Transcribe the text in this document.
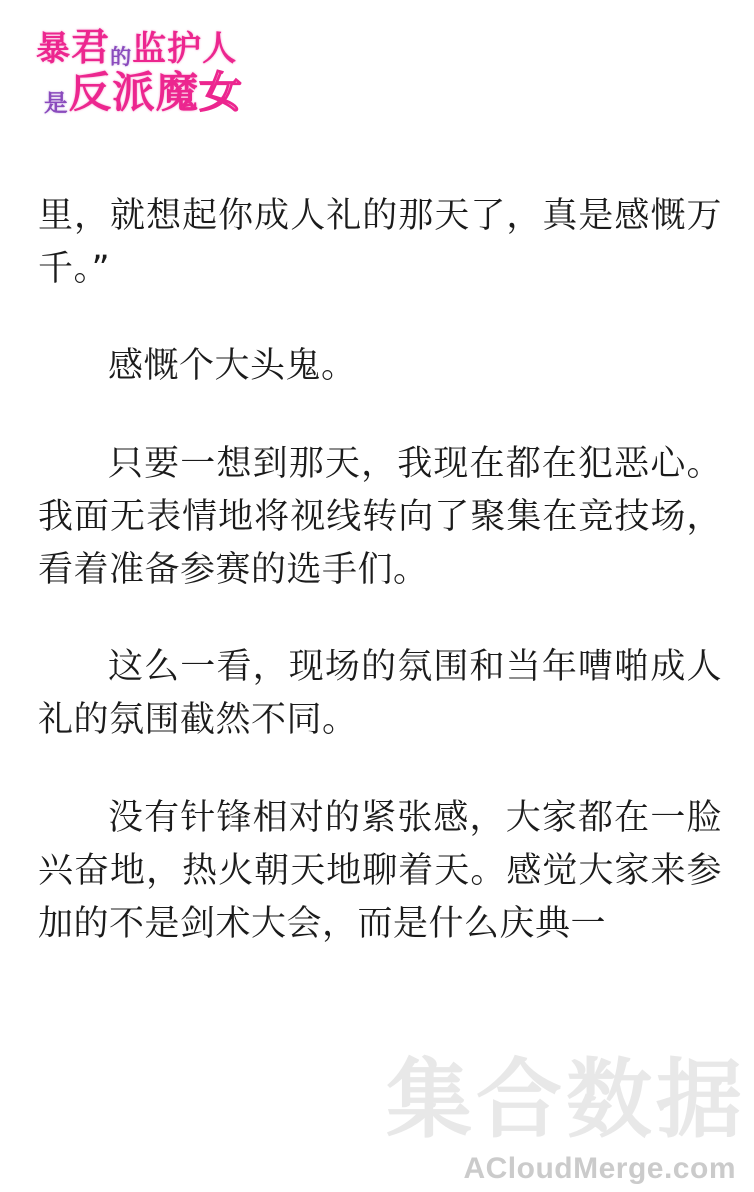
暴君的监护人
是反派魔女

里，就想起你成人礼的那天了，真是感慨万千。”

感慨个大头鬼。

只要一想到那天，我现在都在犯恶心。我面无表情地将视线转向了聚集在竞技场，看着准备参赛的选手们。

这么一看，现场的氛围和当年嘈啪成人礼的氛围截然不同。

没有针锋相对的紧张感，大家都在一脸兴奋地，热火朝天地聊着天。感觉大家来参加的不是剑术大会，而是什么庆典一

集合数据
ACloudMerge.com
